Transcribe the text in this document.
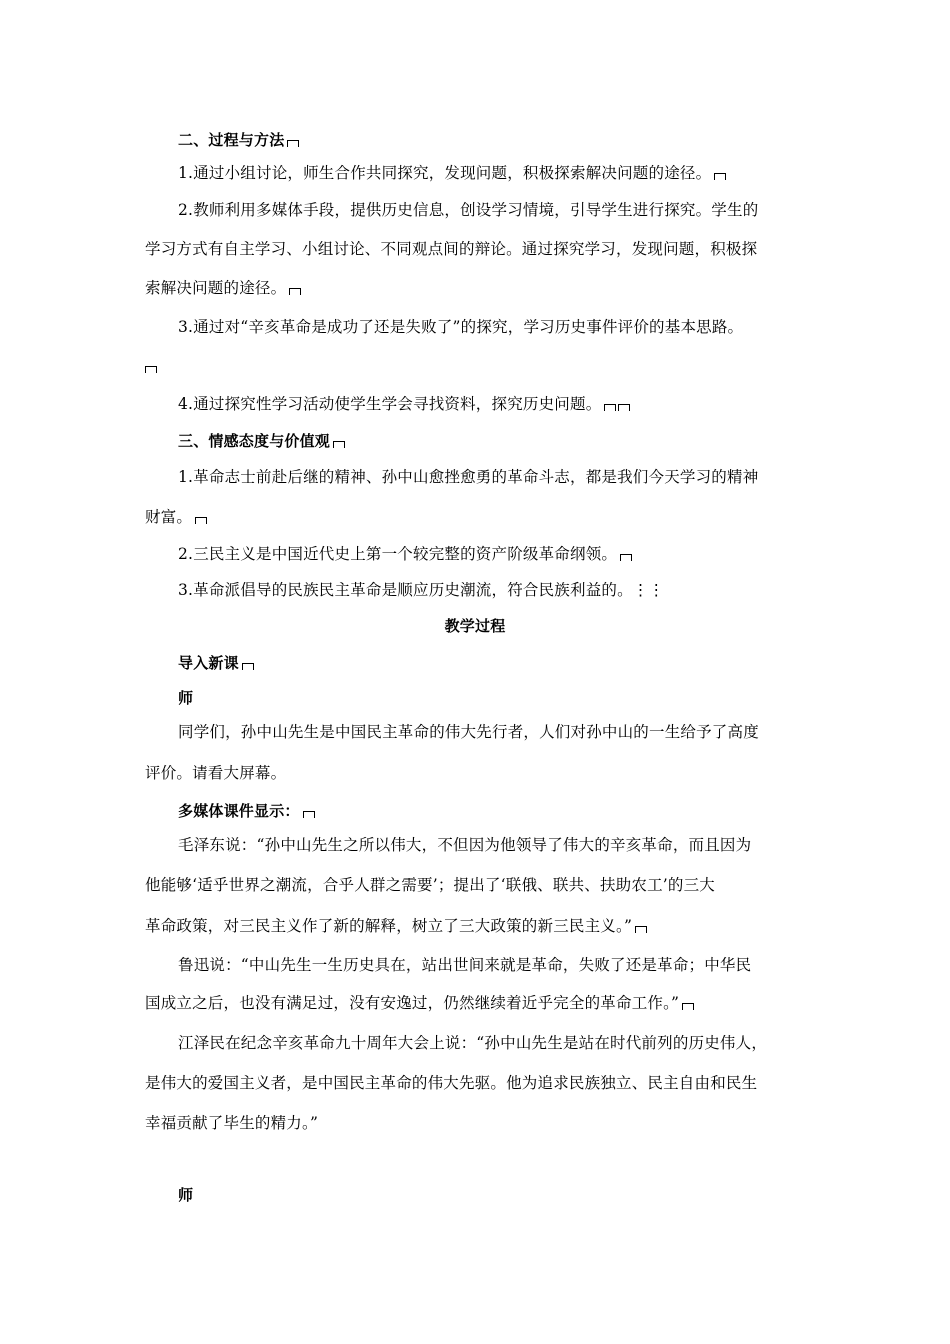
二、过程与方法
1.通过小组讨论，师生合作共同探究，发现问题，积极探索解决问题的途径。
2.教师利用多媒体手段，提供历史信息，创设学习情境，引导学生进行探究。学生的
学习方式有自主学习、小组讨论、不同观点间的辩论。通过探究学习，发现问题，积极探
索解决问题的途径。
3.通过对“辛亥革命是成功了还是失败了”的探究，学习历史事件评价的基本思路。
4.通过探究性学习活动使学生学会寻找资料，探究历史问题。
三、情感态度与价值观
1.革命志士前赴后继的精神、孙中山愈挫愈勇的革命斗志，都是我们今天学习的精神
财富。
2.三民主义是中国近代史上第一个较完整的资产阶级革命纲领。
3.革命派倡导的民族民主革命是顺应历史潮流，符合民族利益的。⋮⋮
教学过程
导入新课
师
同学们，孙中山先生是中国民主革命的伟大先行者，人们对孙中山的一生给予了高度
评价。请看大屏幕。
多媒体课件显示：
毛泽东说：“孙中山先生之所以伟大，不但因为他领导了伟大的辛亥革命，而且因为
他能够‘适乎世界之潮流，合乎人群之需要’；提出了‘联俄、联共、扶助农工’的三大
革命政策，对三民主义作了新的解释，树立了三大政策的新三民主义。”
鲁迅说：“中山先生一生历史具在，站出世间来就是革命，失败了还是革命；中华民
国成立之后，也没有满足过，没有安逸过，仍然继续着近乎完全的革命工作。”
江泽民在纪念辛亥革命九十周年大会上说：“孙中山先生是站在时代前列的历史伟人，
是伟大的爱国主义者，是中国民主革命的伟大先驱。他为追求民族独立、民主自由和民生
幸福贡献了毕生的精力。”
师
